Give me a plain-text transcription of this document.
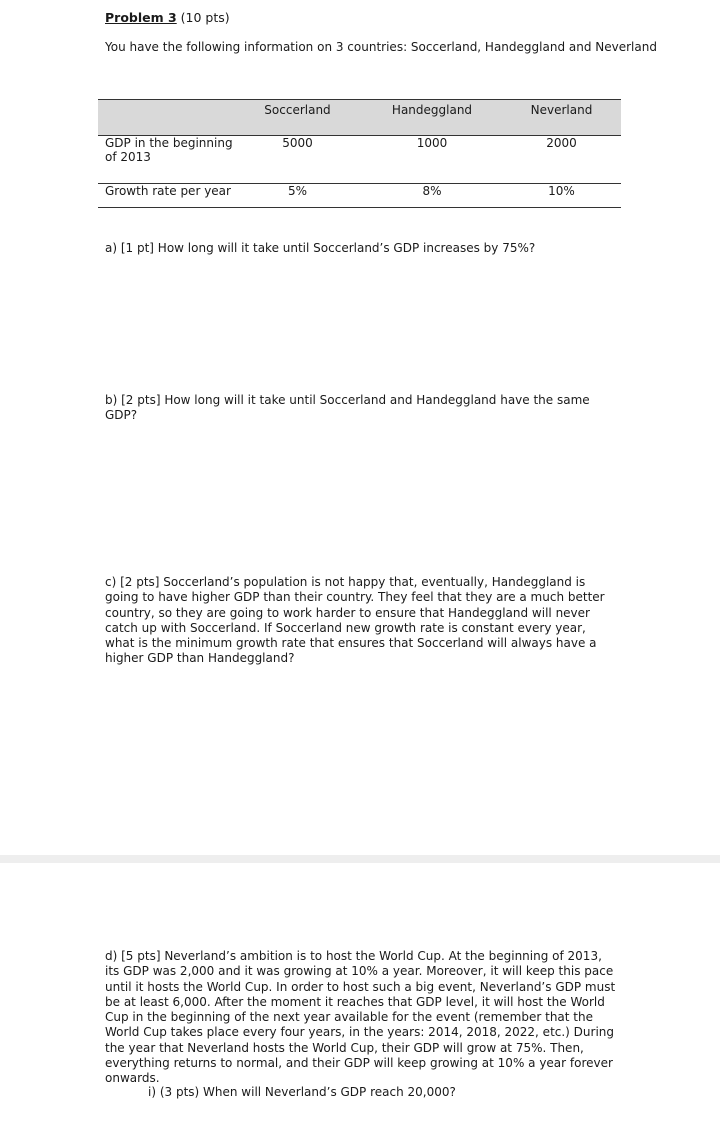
Problem 3 (10 pts)
You have the following information on 3 countries: Soccerland, Handeggland and Neverland
	Soccerland	Handeggland	Neverland
GDP in the beginning of 2013	5000	1000	2000
Growth rate per year	5%	8%	10%
a) [1 pt] How long will it take until Soccerland’s GDP increases by 75%?
b) [2 pts] How long will it take until Soccerland and Handeggland have the same GDP?
c) [2 pts] Soccerland’s population is not happy that, eventually, Handeggland is going to have higher GDP than their country. They feel that they are a much better country, so they are going to work harder to ensure that Handeggland will never catch up with Soccerland. If Soccerland new growth rate is constant every year, what is the minimum growth rate that ensures that Soccerland will always have a higher GDP than Handeggland?
d) [5 pts] Neverland’s ambition is to host the World Cup. At the beginning of 2013, its GDP was 2,000 and it was growing at 10% a year. Moreover, it will keep this pace until it hosts the World Cup. In order to host such a big event, Neverland’s GDP must be at least 6,000. After the moment it reaches that GDP level, it will host the World Cup in the beginning of the next year available for the event (remember that the World Cup takes place every four years, in the years: 2014, 2018, 2022, etc.) During the year that Neverland hosts the World Cup, their GDP will grow at 75%. Then, everything returns to normal, and their GDP will keep growing at 10% a year forever onwards.
i) (3 pts) When will Neverland’s GDP reach 20,000?
